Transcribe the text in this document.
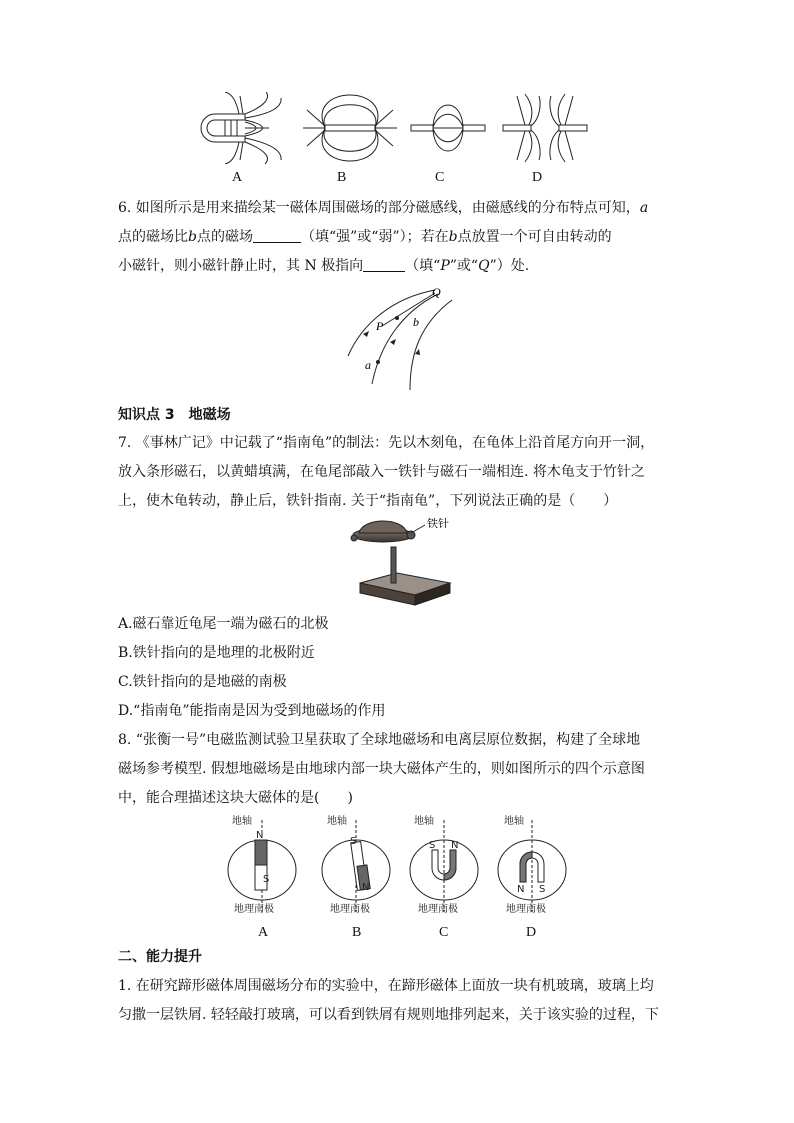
A	B	C	D
6. 如图所示是用来描绘某一磁体周围磁场的部分磁感线，由磁感线的分布特点可知，a
点的磁场比b点的磁场	（填“强”或“弱”）；若在b点放置一个可自由转动的
小磁针，则小磁针静止时，其 N 极指向	（填“P”或“Q”）处.
Q
P b
a
知识点 3　地磁场
7. 《事林广记》中记载了“指南龟”的制法：先以木刻龟，在龟体上沿首尾方向开一洞，
放入条形磁石，以黄蜡填满，在龟尾部敲入一铁针与磁石一端相连. 将木龟支于竹针之
上，使木龟转动，静止后，铁针指南. 关于“指南龟”，下列说法正确的是（　　）
铁针
A.磁石靠近龟尾一端为磁石的北极
B.铁针指向的是地理的北极附近
C.铁针指向的是地磁的南极
D.“指南龟”能指南是因为受到地磁场的作用
8. “张衡一号”电磁监测试验卫星获取了全球地磁场和电离层原位数据，构建了全球地
磁场参考模型. 假想地磁场是由地球内部一块大磁体产生的，则如图所示的四个示意图
中，能合理描述这块大磁体的是(　　)
地轴
N
S
地理南极
地轴
S
N
地理南极
地轴
S N
地理南极
地轴
N S
地理南极
A	B	C	D
二、能力提升
1. 在研究蹄形磁体周围磁场分布的实验中，在蹄形磁体上面放一块有机玻璃，玻璃上均
匀撒一层铁屑. 轻轻敲打玻璃，可以看到铁屑有规则地排列起来，关于该实验的过程，下
